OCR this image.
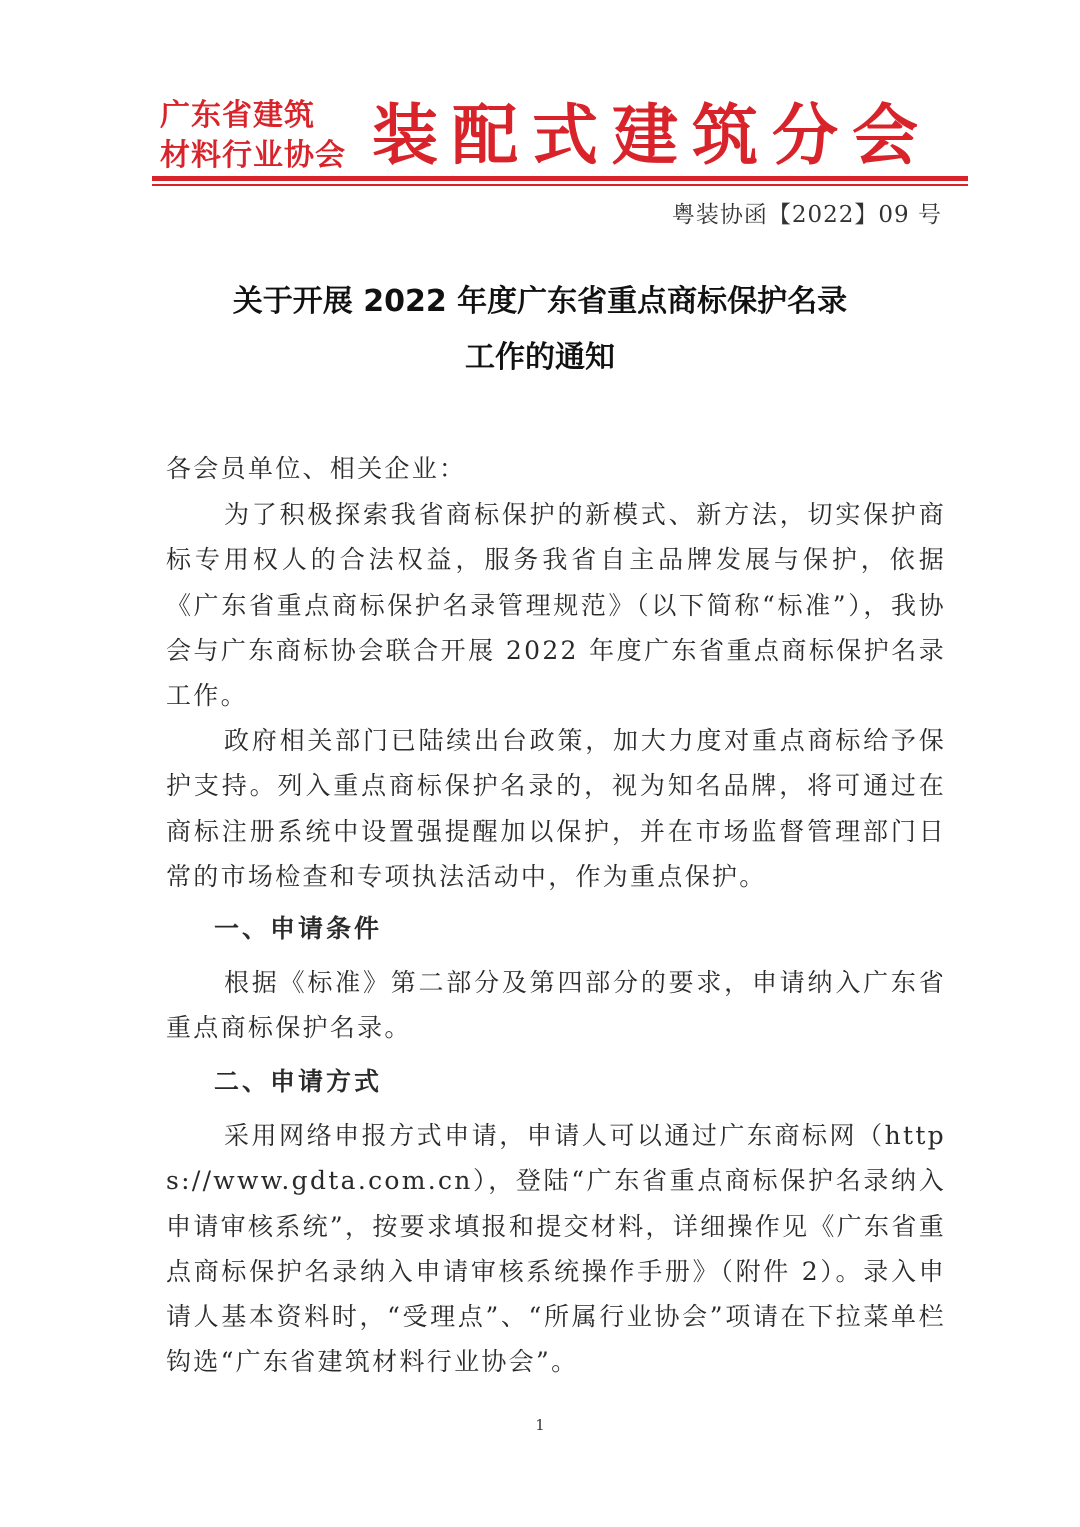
广东省建筑
材料行业协会 装配式建筑分会
粤装协函【2022】09 号
关于开展 2022 年度广东省重点商标保护名录
工作的通知
各会员单位、相关企业：
为了积极探索我省商标保护的新模式、新方法，切实保护商标专用权人的合法权益，服务我省自主品牌发展与保护，依据《广东省重点商标保护名录管理规范》（以下简称“标准”），我协会与广东商标协会联合开展 2022 年度广东省重点商标保护名录工作。
政府相关部门已陆续出台政策，加大力度对重点商标给予保护支持。列入重点商标保护名录的，视为知名品牌，将可通过在商标注册系统中设置强提醒加以保护，并在市场监督管理部门日常的市场检查和专项执法活动中，作为重点保护。
一、申请条件
根据《标准》第二部分及第四部分的要求，申请纳入广东省重点商标保护名录。
二、申请方式
采用网络申报方式申请，申请人可以通过广东商标网（https://www.gdta.com.cn），登陆“广东省重点商标保护名录纳入申请审核系统”，按要求填报和提交材料，详细操作见《广东省重点商标保护名录纳入申请审核系统操作手册》（附件 2）。录入申请人基本资料时，“受理点”、“所属行业协会”项请在下拉菜单栏钩选“广东省建筑材料行业协会”。
1
